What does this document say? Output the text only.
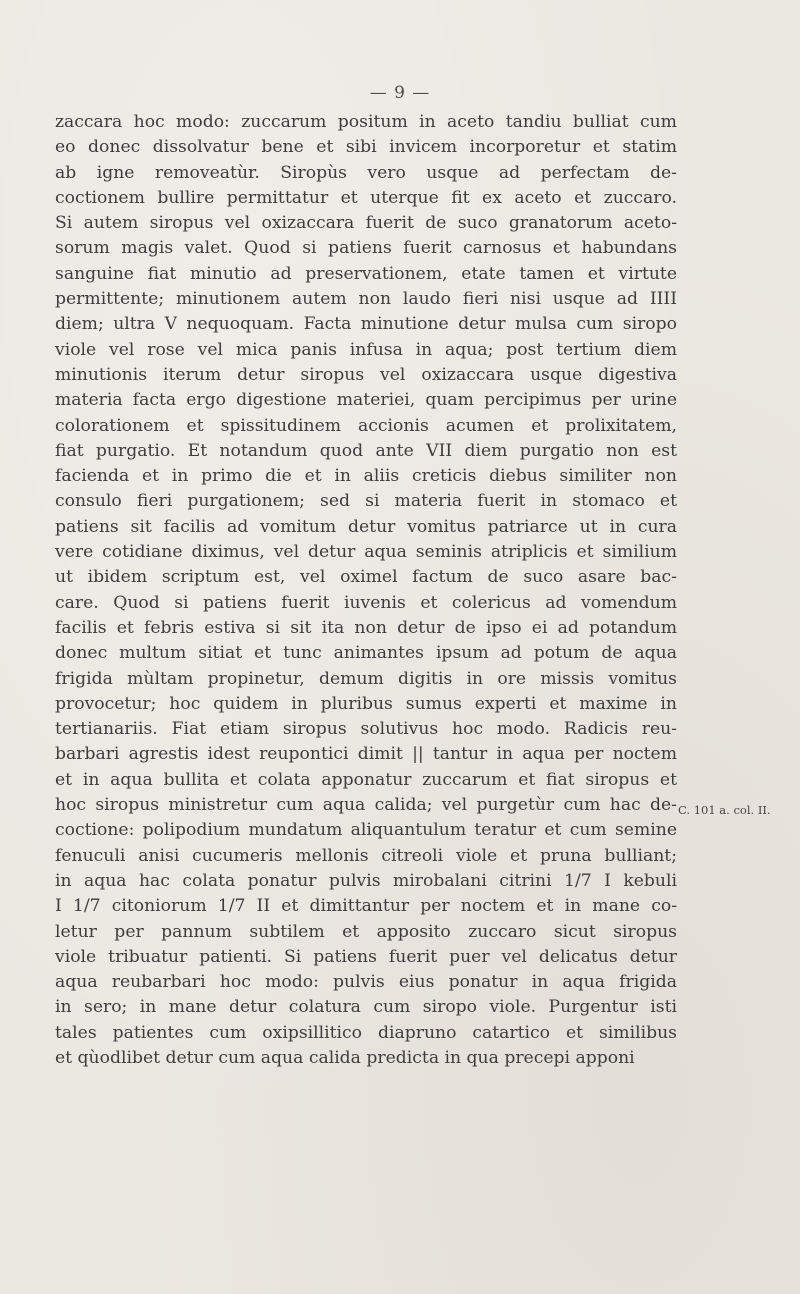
— 9 —
zaccara hoc modo: zuccarum positum in aceto tandiu bulliat cum
eo donec dissolvatur bene et sibi invicem incorporetur et statim
ab igne removeatùr. Siropùs vero usque ad perfectam de-
coctionem bullire permittatur et uterque fit ex aceto et zuccaro.
Si autem siropus vel oxizaccara fuerit de suco granatorum aceto-
sorum magis valet. Quod si patiens fuerit carnosus et habundans
sanguine fiat minutio ad preservationem, etate tamen et virtute
permittente; minutionem autem non laudo fieri nisi usque ad IIII
diem; ultra V nequoquam. Facta minutione detur mulsa cum siropo
viole vel rose vel mica panis infusa in aqua; post tertium diem
minutionis iterum detur siropus vel oxizaccara usque digestiva
materia facta ergo digestione materiei, quam percipimus per urine
colorationem et spissitudinem accionis acumen et prolixitatem,
fiat purgatio. Et notandum quod ante VII diem purgatio non est
facienda et in primo die et in aliis creticis diebus similiter non
consulo fieri purgationem; sed si materia fuerit in stomaco et
patiens sit facilis ad vomitum detur vomitus patriarce ut in cura
vere cotidiane diximus, vel detur aqua seminis atriplicis et similium
ut ibidem scriptum est, vel oximel factum de suco asare bac-
care. Quod si patiens fuerit iuvenis et colericus ad vomendum
facilis et febris estiva si sit ita non detur de ipso ei ad potandum
donec multum sitiat et tunc animantes ipsum ad potum de aqua
frigida mùltam propinetur, demum digitis in ore missis vomitus
provocetur; hoc quidem in pluribus sumus experti et maxime in
tertianariis. Fiat etiam siropus solutivus hoc modo. Radicis reu-
barbari agrestis idest reupontici dimit || tantur in aqua per noctem
et in aqua bullita et colata apponatur zuccarum et fiat siropus et
hoc siropus ministretur cum aqua calida; vel purgetùr cum hac de-
coctione: polipodium mundatum aliquantulum teratur et cum semine
fenuculi anisi cucumeris mellonis citreoli viole et pruna bulliant;
in aqua hac colata ponatur pulvis mirobalani citrini 1/7 I kebuli
I 1/7 citoniorum 1/7 II et dimittantur per noctem et in mane co-
letur per pannum subtilem et apposito zuccaro sicut siropus
viole tribuatur patienti. Si patiens fuerit puer vel delicatus detur
aqua reubarbari hoc modo: pulvis eius ponatur in aqua frigida
in sero; in mane detur colatura cum siropo viole. Purgentur isti
tales patientes cum oxipsillitico diapruno catartico et similibus
et qùodlibet detur cum aqua calida predicta in qua precepi apponi
C. 101 a. col. II.
